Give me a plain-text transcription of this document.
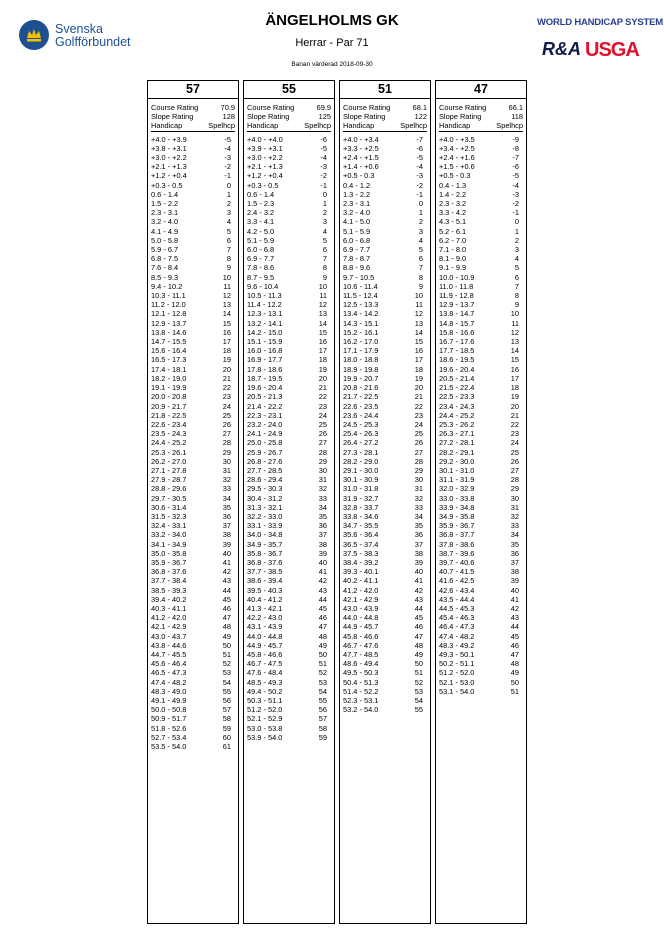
Svenska
Golfförbundet
ÄNGELHOLMS GK
Herrar - Par 71
Banan värderad 2018-09-30
WORLD HANDICAP SYSTEM
R&A USGA
57
Course Rating	70.9
Slope Rating	128
Handicap	Spelhcp
+4.0 - +3.9	-5
+3.8 - +3.1	-4
+3.0 - +2.2	-3
+2.1 - +1.3	-2
+1.2 - +0.4	-1
+0.3 - 0.5	0
0.6 - 1.4	1
1.5 - 2.2	2
2.3 - 3.1	3
3.2 - 4.0	4
4.1 - 4.9	5
5.0 - 5.8	6
5.9 - 6.7	7
6.8 - 7.5	8
7.6 - 8.4	9
8.5 - 9.3	10
9.4 - 10.2	11
10.3 - 11.1	12
11.2 - 12.0	13
12.1 - 12.8	14
12.9 - 13.7	15
13.8 - 14.6	16
14.7 - 15.5	17
15.6 - 16.4	18
16.5 - 17.3	19
17.4 - 18.1	20
18.2 - 19.0	21
19.1 - 19.9	22
20.0 - 20.8	23
20.9 - 21.7	24
21.8 - 22.5	25
22.6 - 23.4	26
23.5 - 24.3	27
24.4 - 25.2	28
25.3 - 26.1	29
26.2 - 27.0	30
27.1 - 27.8	31
27.9 - 28.7	32
28.8 - 29.6	33
29.7 - 30.5	34
30.6 - 31.4	35
31.5 - 32.3	36
32.4 - 33.1	37
33.2 - 34.0	38
34.1 - 34.9	39
35.0 - 35.8	40
35.9 - 36.7	41
36.8 - 37.6	42
37.7 - 38.4	43
38.5 - 39.3	44
39.4 - 40.2	45
40.3 - 41.1	46
41.2 - 42.0	47
42.1 - 42.9	48
43.0 - 43.7	49
43.8 - 44.6	50
44.7 - 45.5	51
45.6 - 46.4	52
46.5 - 47.3	53
47.4 - 48.2	54
48.3 - 49.0	55
49.1 - 49.9	56
50.0 - 50.8	57
50.9 - 51.7	58
51.8 - 52.6	59
52.7 - 53.4	60
53.5 - 54.0	61
55
Course Rating	69.9
Slope Rating	125
Handicap	Spelhcp
+4.0 - +4.0	-6
+3.9 - +3.1	-5
+3.0 - +2.2	-4
+2.1 - +1.3	-3
+1.2 - +0.4	-2
+0.3 - 0.5	-1
0.6 - 1.4	0
1.5 - 2.3	1
2.4 - 3.2	2
3.3 - 4.1	3
4.2 - 5.0	4
5.1 - 5.9	5
6.0 - 6.8	6
6.9 - 7.7	7
7.8 - 8.6	8
8.7 - 9.5	9
9.6 - 10.4	10
10.5 - 11.3	11
11.4 - 12.2	12
12.3 - 13.1	13
13.2 - 14.1	14
14.2 - 15.0	15
15.1 - 15.9	16
16.0 - 16.8	17
16.9 - 17.7	18
17.8 - 18.6	19
18.7 - 19.5	20
19.6 - 20.4	21
20.5 - 21.3	22
21.4 - 22.2	23
22.3 - 23.1	24
23.2 - 24.0	25
24.1 - 24.9	26
25.0 - 25.8	27
25.9 - 26.7	28
26.8 - 27.6	29
27.7 - 28.5	30
28.6 - 29.4	31
29.5 - 30.3	32
30.4 - 31.2	33
31.3 - 32.1	34
32.2 - 33.0	35
33.1 - 33.9	36
34.0 - 34.8	37
34.9 - 35.7	38
35.8 - 36.7	39
36.8 - 37.6	40
37.7 - 38.5	41
38.6 - 39.4	42
39.5 - 40.3	43
40.4 - 41.2	44
41.3 - 42.1	45
42.2 - 43.0	46
43.1 - 43.9	47
44.0 - 44.8	48
44.9 - 45.7	49
45.8 - 46.6	50
46.7 - 47.5	51
47.6 - 48.4	52
48.5 - 49.3	53
49.4 - 50.2	54
50.3 - 51.1	55
51.2 - 52.0	56
52.1 - 52.9	57
53.0 - 53.8	58
53.9 - 54.0	59
51
Course Rating	68.1
Slope Rating	122
Handicap	Spelhcp
+4.0 - +3.4	-7
+3.3 - +2.5	-6
+2.4 - +1.5	-5
+1.4 - +0.6	-4
+0.5 - 0.3	-3
0.4 - 1.2	-2
1.3 - 2.2	-1
2.3 - 3.1	0
3.2 - 4.0	1
4.1 - 5.0	2
5.1 - 5.9	3
6.0 - 6.8	4
6.9 - 7.7	5
7.8 - 8.7	6
8.8 - 9.6	7
9.7 - 10.5	8
10.6 - 11.4	9
11.5 - 12.4	10
12.5 - 13.3	11
13.4 - 14.2	12
14.3 - 15.1	13
15.2 - 16.1	14
16.2 - 17.0	15
17.1 - 17.9	16
18.0 - 18.8	17
18.9 - 19.8	18
19.9 - 20.7	19
20.8 - 21.6	20
21.7 - 22.5	21
22.6 - 23.5	22
23.6 - 24.4	23
24.5 - 25.3	24
25.4 - 26.3	25
26.4 - 27.2	26
27.3 - 28.1	27
28.2 - 29.0	28
29.1 - 30.0	29
30.1 - 30.9	30
31.0 - 31.8	31
31.9 - 32.7	32
32.8 - 33.7	33
33.8 - 34.6	34
34.7 - 35.5	35
35.6 - 36.4	36
36.5 - 37.4	37
37.5 - 38.3	38
38.4 - 39.2	39
39.3 - 40.1	40
40.2 - 41.1	41
41.2 - 42.0	42
42.1 - 42.9	43
43.0 - 43.9	44
44.0 - 44.8	45
44.9 - 45.7	46
45.8 - 46.6	47
46.7 - 47.6	48
47.7 - 48.5	49
48.6 - 49.4	50
49.5 - 50.3	51
50.4 - 51.3	52
51.4 - 52.2	53
52.3 - 53.1	54
53.2 - 54.0	55
47
Course Rating	66.1
Slope Rating	118
Handicap	Spelhcp
+4.0 - +3.5	-9
+3.4 - +2.5	-8
+2.4 - +1.6	-7
+1.5 - +0.6	-6
+0.5 - 0.3	-5
0.4 - 1.3	-4
1.4 - 2.2	-3
2.3 - 3.2	-2
3.3 - 4.2	-1
4.3 - 5.1	0
5.2 - 6.1	1
6.2 - 7.0	2
7.1 - 8.0	3
8.1 - 9.0	4
9.1 - 9.9	5
10.0 - 10.9	6
11.0 - 11.8	7
11.9 - 12.8	8
12.9 - 13.7	9
13.8 - 14.7	10
14.8 - 15.7	11
15.8 - 16.6	12
16.7 - 17.6	13
17.7 - 18.5	14
18.6 - 19.5	15
19.6 - 20.4	16
20.5 - 21.4	17
21.5 - 22.4	18
22.5 - 23.3	19
23.4 - 24.3	20
24.4 - 25.2	21
25.3 - 26.2	22
26.3 - 27.1	23
27.2 - 28.1	24
28.2 - 29.1	25
29.2 - 30.0	26
30.1 - 31.0	27
31.1 - 31.9	28
32.0 - 32.9	29
33.0 - 33.8	30
33.9 - 34.8	31
34.9 - 35.8	32
35.9 - 36.7	33
36.8 - 37.7	34
37.8 - 38.6	35
38.7 - 39.6	36
39.7 - 40.6	37
40.7 - 41.5	38
41.6 - 42.5	39
42.6 - 43.4	40
43.5 - 44.4	41
44.5 - 45.3	42
45.4 - 46.3	43
46.4 - 47.3	44
47.4 - 48.2	45
48.3 - 49.2	46
49.3 - 50.1	47
50.2 - 51.1	48
51.2 - 52.0	49
52.1 - 53.0	50
53.1 - 54.0	51
